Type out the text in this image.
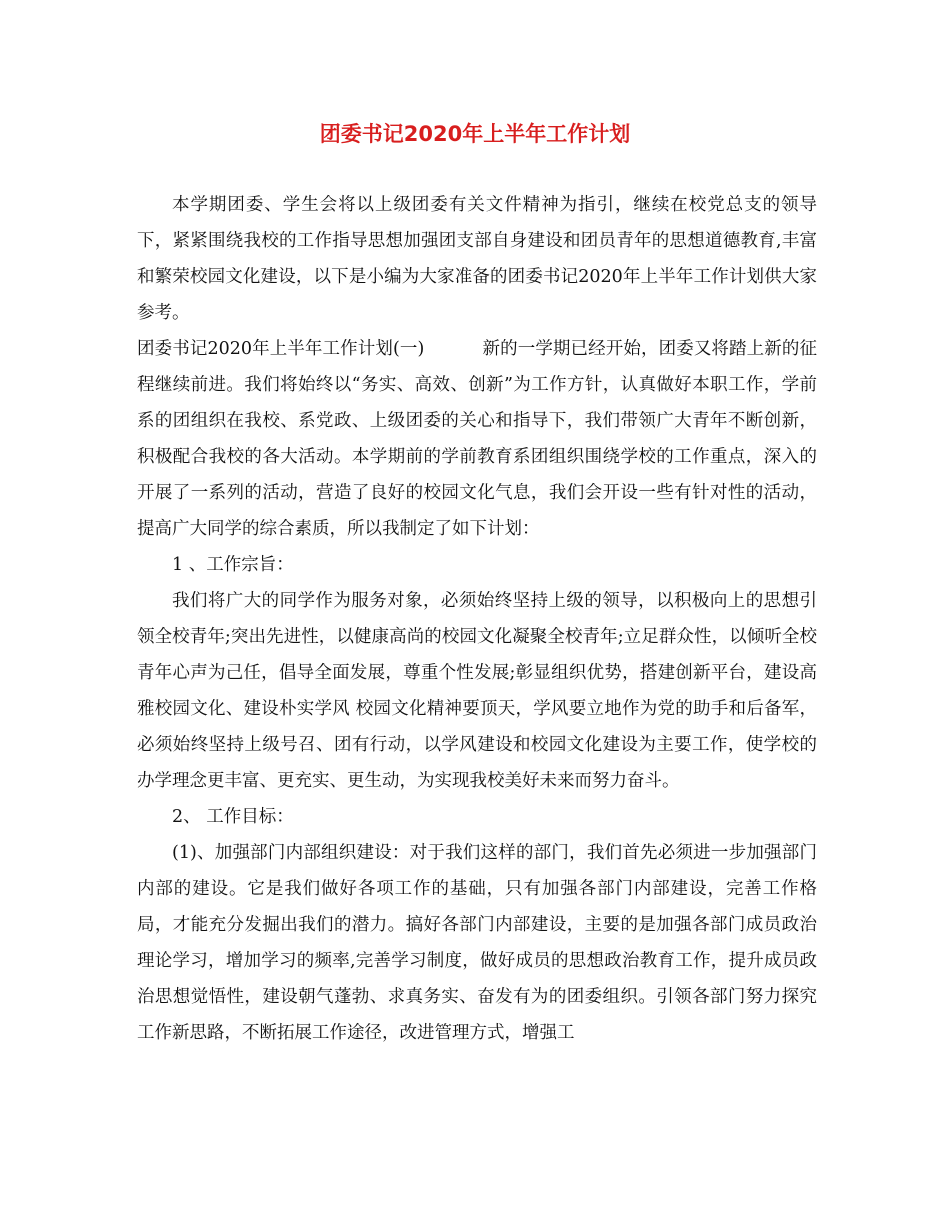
团委书记2020年上半年工作计划

本学期团委、学生会将以上级团委有关文件精神为指引，继续在校党总支的领导下，紧紧围绕我校的工作指导思想加强团支部自身建设和团员青年的思想道德教育,丰富和繁荣校园文化建设，以下是小编为大家准备的团委书记2020年上半年工作计划供大家参考。

团委书记2020年上半年工作计划(一)	新的一学期已经开始，团委又将踏上新的征程继续前进。我们将始终以“务实、高效、创新”为工作方针，认真做好本职工作，学前系的团组织在我校、系党政、上级团委的关心和指导下，我们带领广大青年不断创新，积极配合我校的各大活动。本学期前的学前教育系团组织围绕学校的工作重点，深入的开展了一系列的活动，营造了良好的校园文化气息，我们会开设一些有针对性的活动，提高广大同学的综合素质，所以我制定了如下计划：

1 、工作宗旨：

我们将广大的同学作为服务对象，必须始终坚持上级的领导，以积极向上的思想引领全校青年;突出先进性，以健康高尚的校园文化凝聚全校青年;立足群众性，以倾听全校青年心声为己任，倡导全面发展，尊重个性发展;彰显组织优势，搭建创新平台，建设高雅校园文化、建设朴实学风 校园文化精神要顶天，学风要立地作为党的助手和后备军，必须始终坚持上级号召、团有行动，以学风建设和校园文化建设为主要工作，使学校的办学理念更丰富、更充实、更生动，为实现我校美好未来而努力奋斗。

2、 工作目标：

(1)、加强部门内部组织建设：对于我们这样的部门，我们首先必须进一步加强部门内部的建设。它是我们做好各项工作的基础，只有加强各部门内部建设，完善工作格局，才能充分发掘出我们的潜力。搞好各部门内部建设，主要的是加强各部门成员政治理论学习，增加学习的频率,完善学习制度，做好成员的思想政治教育工作，提升成员政治思想觉悟性，建设朝气蓬勃、求真务实、奋发有为的团委组织。引领各部门努力探究工作新思路，不断拓展工作途径，改进管理方式，增强工
